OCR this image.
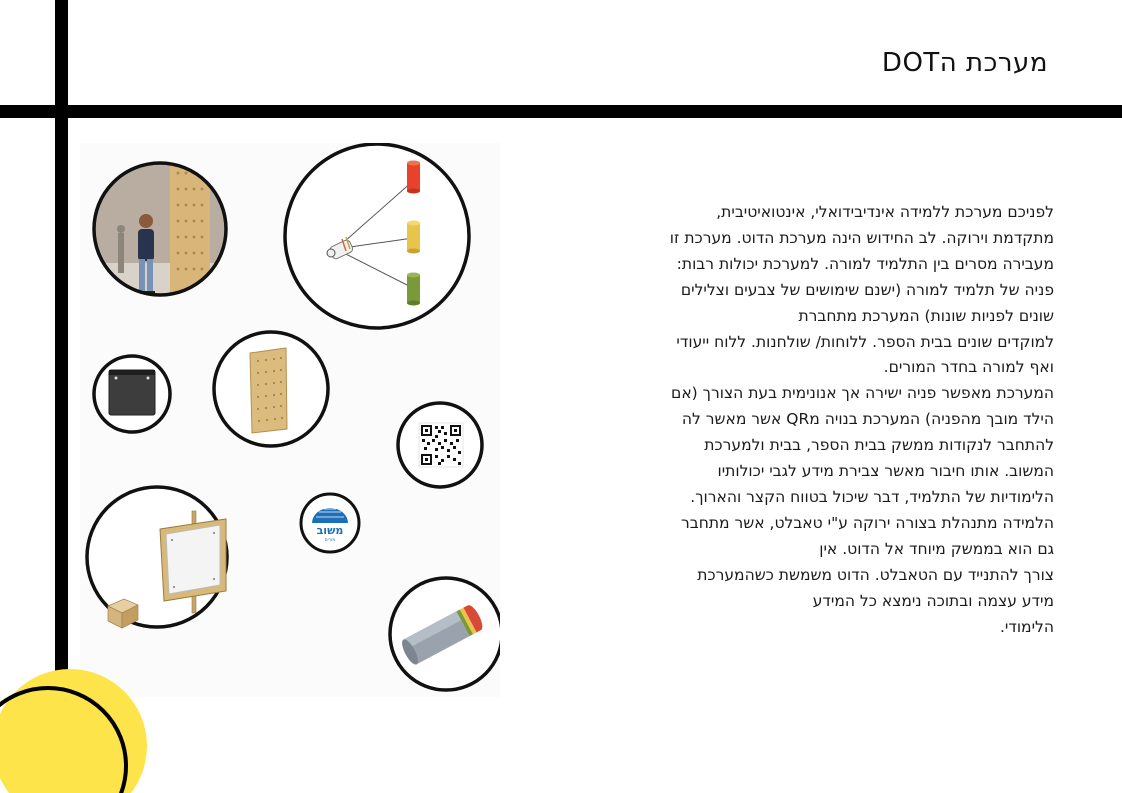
מערכת הDOT
משוב
מורים

לפניכם מערכת ללמידה אינדיבידואלי, אינטואיטיבית,
מתקדמת וירוקה. לב החידוש הינה מערכת הדוט. מערכת זו
מעבירה מסרים בין התלמיד למורה. למערכת יכולות רבות:
פניה של תלמיד למורה (ישנם שימושים של צבעים וצלילים
שונים לפניות שונות) המערכת מתחברת
למוקדים שונים בבית הספר. ללוחות/ שולחנות. ללוח ייעודי
ואף למורה בחדר המורים.
המערכת מאפשר פניה ישירה אך אנונימית בעת הצורך (אם
הילד מובך מהפניה) המערכת בנויה מQR אשר מאשר לה
להתחבר לנקודות ממשק בבית הספר, בבית ולמערכת
המשוב. אותו חיבור מאשר צבירת מידע לגבי יכולותיו
הלימודיות של התלמיד, דבר שיכול בטווח הקצר והארוך.
הלמידה מתנהלת בצורה ירוקה ע"י טאבלט, אשר מתחבר
גם הוא בממשק מיוחד אל הדוט. אין
צורך להתנייד עם הטאבלט. הדוט משמשת כשהמערכת
מידע עצמה ובתוכה נימצא כל המידע
הלימודי.
